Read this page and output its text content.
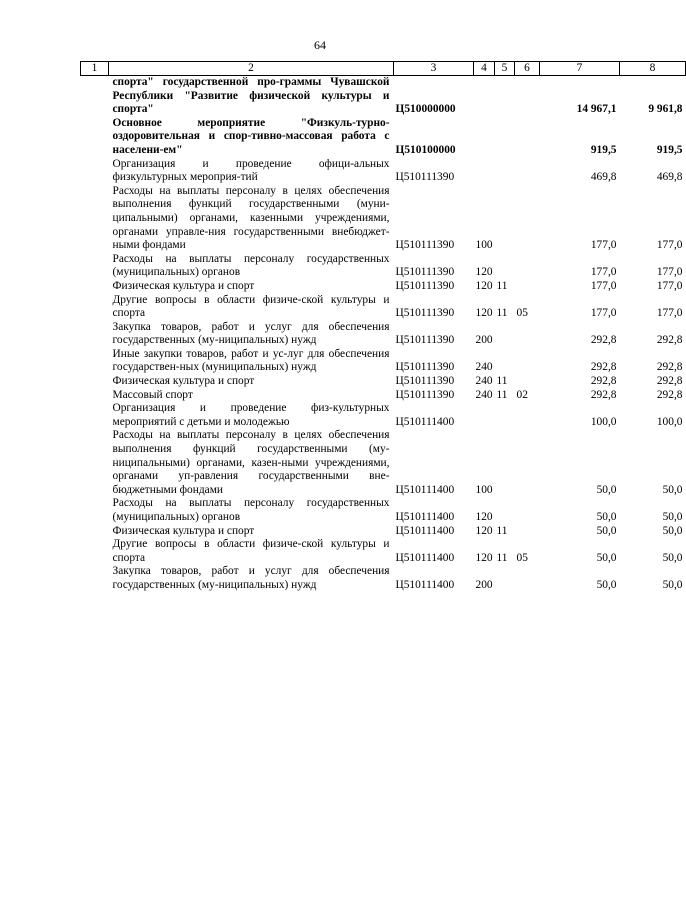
64
1	2	3	4	5	6	7	8
	спорта" государственной про-граммы Чувашской Республики "Развитие физической культуры и спорта"	Ц510000000				14 967,1	9 961,8
	Основное мероприятие "Физкуль-турно-оздоровительная и спор-тивно-массовая работа с населени-ем"	Ц510100000				919,5	919,5
	Организация и проведение офици-альных физкультурных мероприя-тий	Ц510111390				469,8	469,8
	Расходы на выплаты персоналу в целях обеспечения выполнения функций государственными (муни-ципальными) органами, казенными учреждениями, органами управле-ния государственными внебюджет-ными фондами	Ц510111390	100			177,0	177,0
	Расходы на выплаты персоналу государственных (муниципальных) органов	Ц510111390	120			177,0	177,0
	Физическая культура и спорт	Ц510111390	120	11		177,0	177,0
	Другие вопросы в области физиче-ской культуры и спорта	Ц510111390	120	11	05	177,0	177,0
	Закупка товаров, работ и услуг для обеспечения государственных (му-ниципальных) нужд	Ц510111390	200			292,8	292,8
	Иные закупки товаров, работ и ус-луг для обеспечения государствен-ных (муниципальных) нужд	Ц510111390	240			292,8	292,8
	Физическая культура и спорт	Ц510111390	240	11		292,8	292,8
	Массовый спорт	Ц510111390	240	11	02	292,8	292,8
	Организация и проведение физ-культурных мероприятий с детьми и молодежью	Ц510111400				100,0	100,0
	Расходы на выплаты персоналу в целях обеспечения выполнения функций государственными (му-ниципальными) органами, казен-ными учреждениями, органами уп-равления государственными вне-бюджетными фондами	Ц510111400	100			50,0	50,0
	Расходы на выплаты персоналу государственных (муниципальных) органов	Ц510111400	120			50,0	50,0
	Физическая культура и спорт	Ц510111400	120	11		50,0	50,0
	Другие вопросы в области физиче-ской культуры и спорта	Ц510111400	120	11	05	50,0	50,0
	Закупка товаров, работ и услуг для обеспечения государственных (му-ниципальных) нужд	Ц510111400	200			50,0	50,0
